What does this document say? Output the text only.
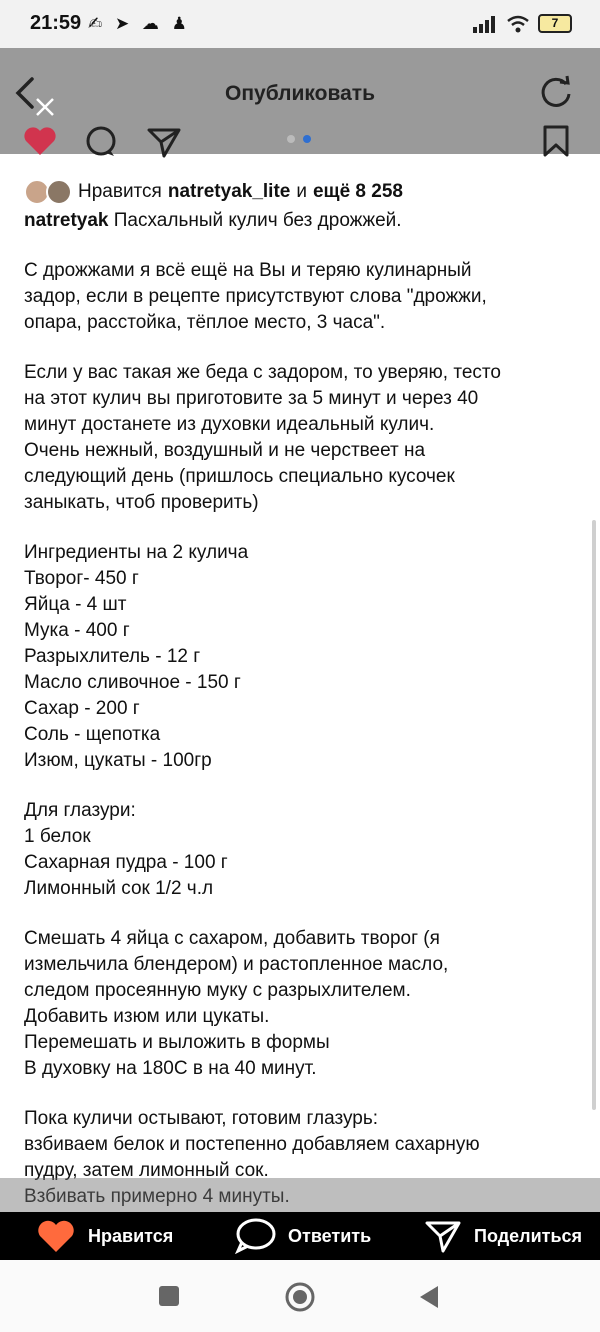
21:59 ✍ ➤ ☁ ♟	7
Опубликовать
Нравится natretyak_lite и ещё 8 258
natretyak Пасхальный кулич без дрожжей.
С дрожжами я всё ещё на Вы и теряю кулинарный
задор, если в рецепте присутствуют слова "дрожжи,
опара, расстойка, тёплое место, 3 часа".
Если у вас такая же беда с задором, то уверяю, тесто
на этот кулич вы приготовите за 5 минут и через 40
минут достанете из духовки идеальный кулич.
Очень нежный, воздушный и не черствеет на
следующий день (пришлось специально кусочек
заныкать, чтоб проверить)
Ингредиенты на 2 кулича
Творог- 450 г
Яйца - 4 шт
Мука - 400 г
Разрыхлитель - 12 г
Масло сливочное - 150 г
Сахар - 200 г
Соль - щепотка
Изюм, цукаты - 100гр
Для глазури:
1 белок
Сахарная пудра - 100 г
Лимонный сок 1/2 ч.л
Смешать 4 яйца с сахаром, добавить творог (я
измельчила блендером) и растопленное масло,
следом просеянную муку с разрыхлителем.
Добавить изюм или цукаты.
Перемешать и выложить в формы
В духовку на 180С в на 40 минут.
Пока куличи остывают, готовим глазурь:
взбиваем белок и постепенно добавляем сахарную
пудру, затем лимонный сок.
Взбивать примерно 4 минуты.
Нравится	Ответить	Поделиться
